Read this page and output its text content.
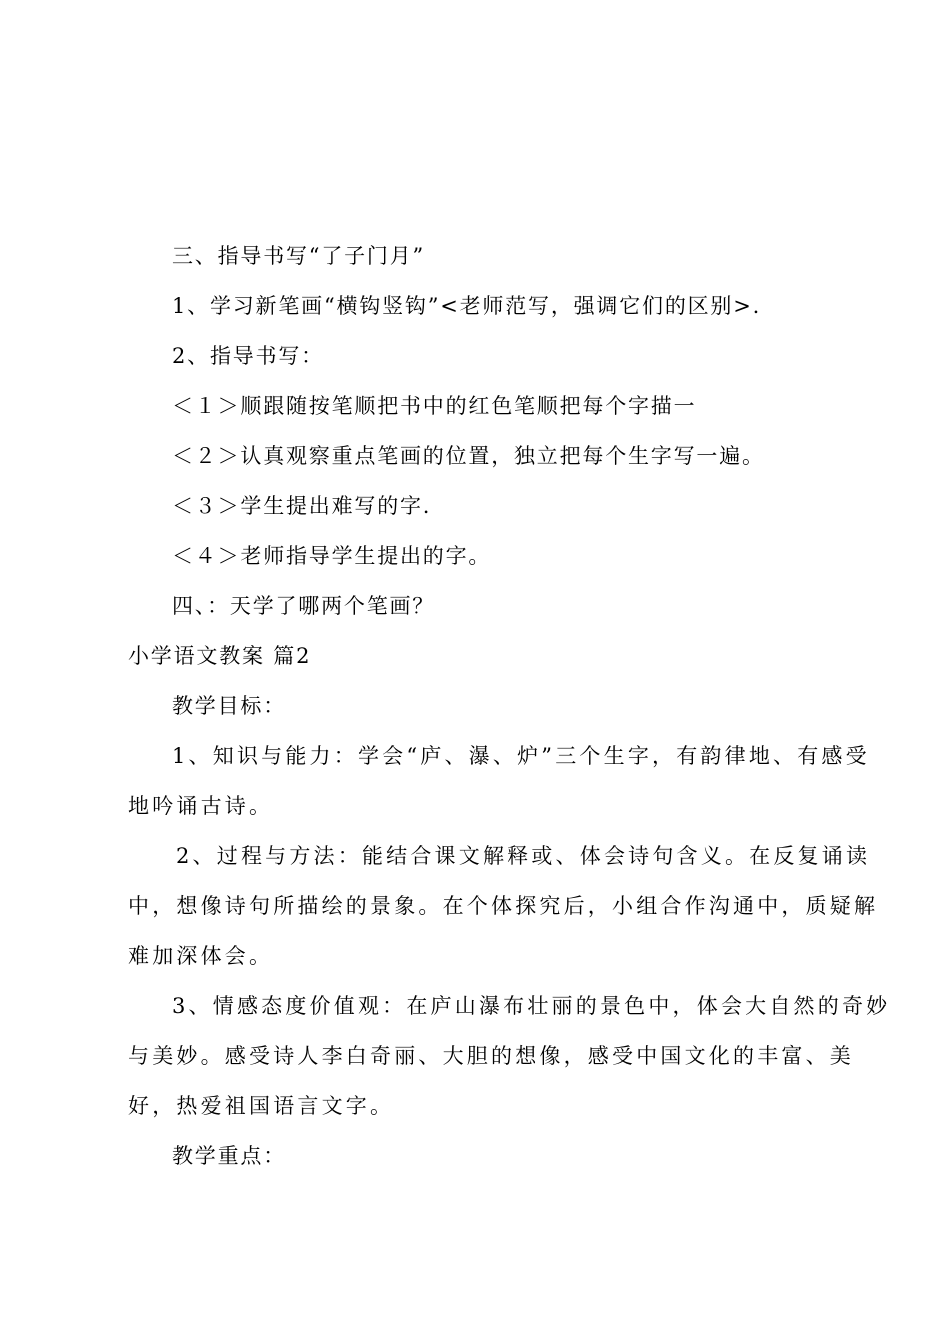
三、指导书写“了子门月”
1、学习新笔画“横钩竖钩”<老师范写，强调它们的区别>.
2、指导书写：
＜１＞顺跟随按笔顺把书中的红色笔顺把每个字描一
＜２＞认真观察重点笔画的位置，独立把每个生字写一遍。
＜３＞学生提出难写的字.
＜４＞老师指导学生提出的字。
四、：天学了哪两个笔画？
小学语文教案 篇2
教学目标：
1、知识与能力：学会“庐、瀑、炉”三个生字，有韵律地、有感受
地吟诵古诗。
2、过程与方法：能结合课文解释或、体会诗句含义。在反复诵读
中，想像诗句所描绘的景象。在个体探究后，小组合作沟通中，质疑解
难加深体会。
3、情感态度价值观：在庐山瀑布壮丽的景色中，体会大自然的奇妙
与美妙。感受诗人李白奇丽、大胆的想像，感受中国文化的丰富、美
好，热爱祖国语言文字。
教学重点：
